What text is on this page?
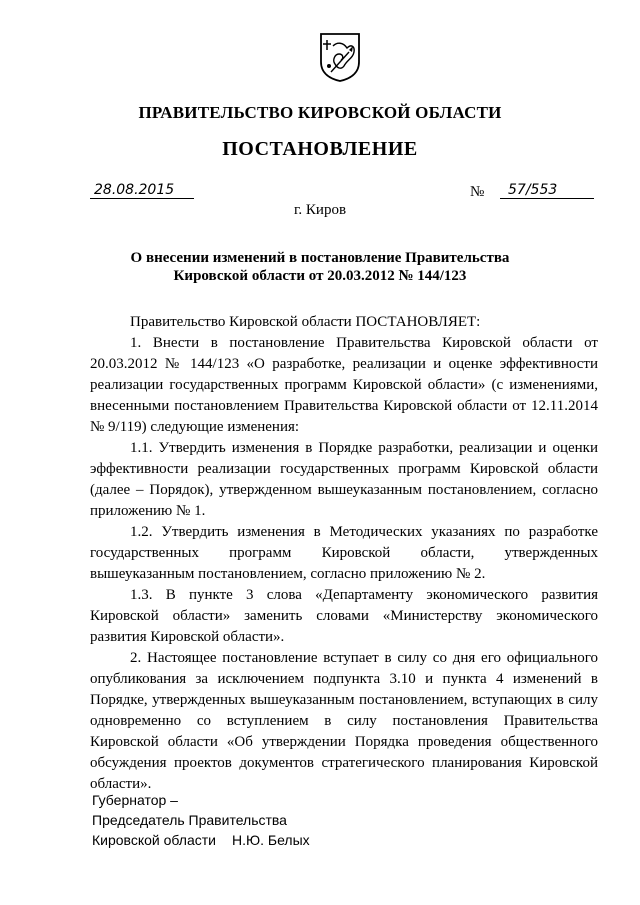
ПРАВИТЕЛЬСТВО КИРОВСКОЙ ОБЛАСТИ
ПОСТАНОВЛЕНИЕ
28.08.2015	№	57/553
г. Киров
О внесении изменений в постановление Правительства
Кировской области от 20.03.2012 № 144/123

Правительство Кировской области ПОСТАНОВЛЯЕТ:

1. Внести в постановление Правительства Кировской области от 20.03.2012 № 144/123 «О разработке, реализации и оценке эффективности реализации государственных программ Кировской области» (с изменениями, внесенными постановлением Правительства Кировской области от 12.11.2014 № 9/119) следующие изменения:

1.1. Утвердить изменения в Порядке разработки, реализации и оценки эффективности реализации государственных программ Кировской области (далее – Порядок), утвержденном вышеуказанным постановлением, согласно приложению № 1.

1.2. Утвердить изменения в Методических указаниях по разработке государственных программ Кировской области, утвержденных вышеуказанным постановлением, согласно приложению № 2.

1.3. В пункте 3 слова «Департаменту экономического развития Кировской области» заменить словами «Министерству экономического развития Кировской области».

2. Настоящее постановление вступает в силу со дня его официального опубликования за исключением подпункта 3.10 и пункта 4 изменений в Порядке, утвержденных вышеуказанным постановлением, вступающих в силу одновременно со вступлением в силу постановления Правительства Кировской области «Об утверждении Порядка проведения общественного обсуждения проектов документов стратегического планирования Кировской области».

Губернатор –
Председатель Правительства
Кировской области Н.Ю. Белых
